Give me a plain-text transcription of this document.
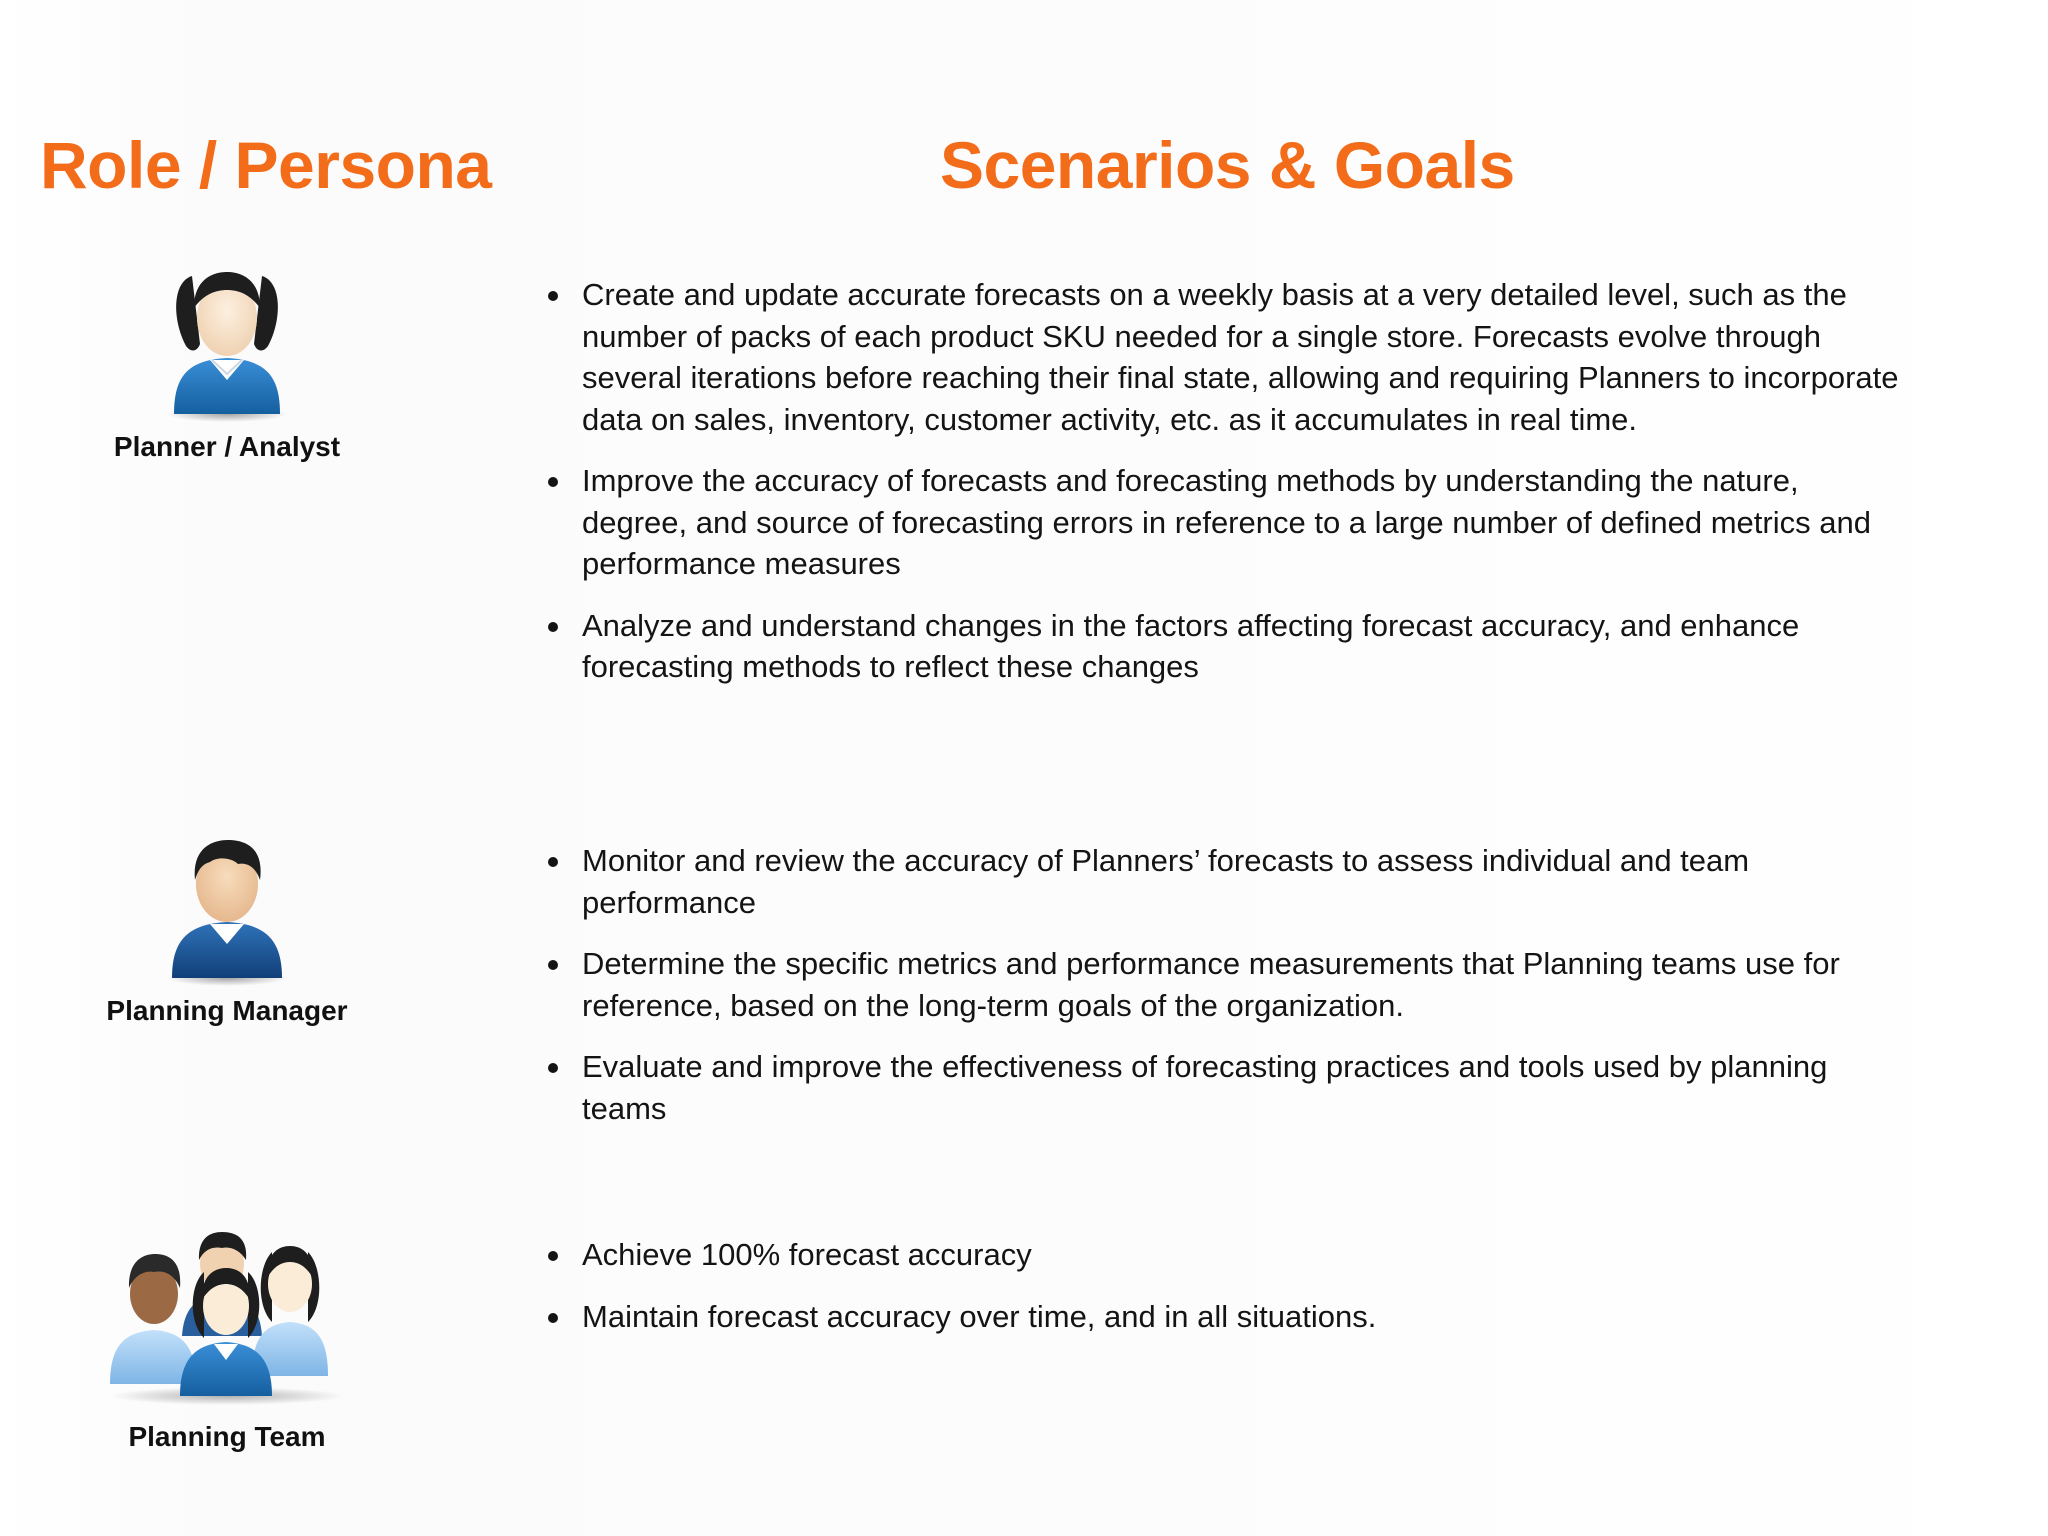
Role / Persona	Scenarios & Goals
Planner / Analyst
Planning Manager
Planning Team
Create and update accurate forecasts on a weekly basis at a very detailed level, such as the number of packs of each product SKU needed for a single store. Forecasts evolve through several iterations before reaching their final state, allowing and requiring Planners to incorporate data on sales, inventory, customer activity, etc. as it accumulates in real time.
Improve the accuracy of forecasts and forecasting methods by understanding the nature, degree, and source of forecasting errors in reference to a large number of defined metrics and performance measures
Analyze and understand changes in the factors affecting forecast accuracy, and enhance forecasting methods to reflect these changes
Monitor and review the accuracy of Planners’ forecasts to assess individual and team performance
Determine the specific metrics and performance measurements that Planning teams use for reference, based on the long-term goals of the organization.
Evaluate and improve the effectiveness of forecasting practices and tools used by planning teams
Achieve 100% forecast accuracy
Maintain forecast accuracy over time, and in all situations.
